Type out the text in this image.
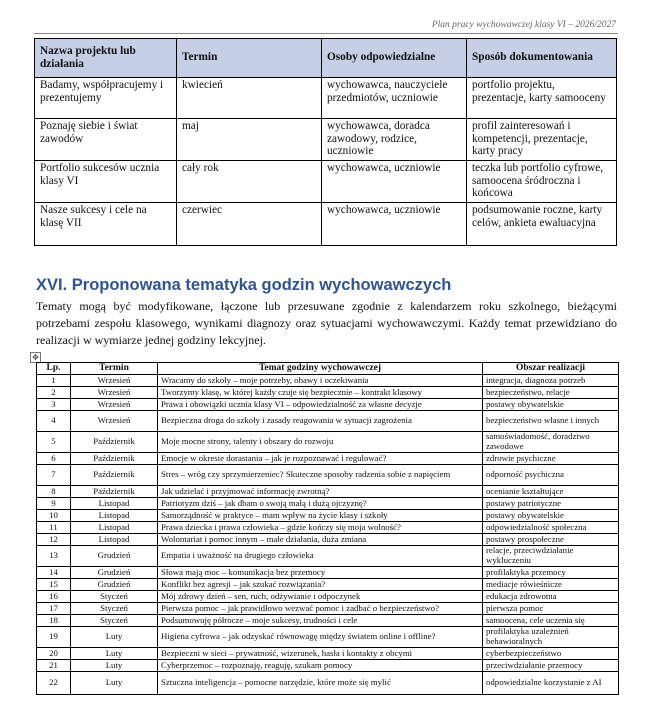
Plan pracy wychowawczej klasy VI – 2026/2027
Nazwa projektu lub działania	Termin	Osoby odpowiedzialne	Sposób dokumentowania
Badamy, współpracujemy i prezentujemy	kwiecień	wychowawca, nauczyciele przedmiotów, uczniowie	portfolio projektu, prezentacje, karty samooceny
Poznaję siebie i świat zawodów	maj	wychowawca, doradca zawodowy, rodzice, uczniowie	profil zainteresowań i kompetencji, prezentacje, karty pracy
Portfolio sukcesów ucznia klasy VI	cały rok	wychowawca, uczniowie	teczka lub portfolio cyfrowe, samoocena śródroczna i końcowa
Nasze sukcesy i cele na klasę VII	czerwiec	wychowawca, uczniowie	podsumowanie roczne, karty celów, ankieta ewaluacyjna
XVI. Proponowana tematyka godzin wychowawczych

Tematy mogą być modyfikowane, łączone lub przesuwane zgodnie z kalendarzem roku szkolnego, bieżącymi potrzebami zespołu klasowego, wynikami diagnozy oraz sytuacjami wychowawczymi. Każdy temat przewidziano do realizacji w wymiarze jednej godziny lekcyjnej.

✥
Lp.	Termin	Temat godziny wychowawczej	Obszar realizacji
1	Wrzesień	Wracamy do szkoły – moje potrzeby, obawy i oczekiwania	integracja, diagnoza potrzeb
2	Wrzesień	Tworzymy klasę, w której każdy czuje się bezpiecznie – kontrakt klasowy	bezpieczeństwo, relacje
3	Wrzesień	Prawa i obowiązki ucznia klasy VI – odpowiedzialność za własne decyzje	postawy obywatelskie
4	Wrzesień	Bezpieczna droga do szkoły i zasady reagowania w sytuacji zagrożenia	bezpieczeństwo własne i innych
5	Październik	Moje mocne strony, talenty i obszary do rozwoju	samoświadomość, doradztwo zawodowe
6	Październik	Emocje w okresie dorastania – jak je rozpoznawać i regulować?	zdrowie psychiczne
7	Październik	Stres – wróg czy sprzymierzeniec? Skuteczne sposoby radzenia sobie z napięciem	odporność psychiczna
8	Październik	Jak udzielać i przyjmować informację zwrotną?	ocenianie kształtujące
9	Listopad	Patriotyzm dziś – jak dbam o swoją małą i dużą ojczyznę?	postawy patriotyczne
10	Listopad	Samorządność w praktyce – mam wpływ na życie klasy i szkoły	postawy obywatelskie
11	Listopad	Prawa dziecka i prawa człowieka – gdzie kończy się moja wolność?	odpowiedzialność społeczna
12	Listopad	Wolontariat i pomoc innym – małe działania, duża zmiana	postawy prospołeczne
13	Grudzień	Empatia i uważność na drugiego człowieka	relacje, przeciwdziałanie wykluczeniu
14	Grudzień	Słowa mają moc – komunikacja bez przemocy	profilaktyka przemocy
15	Grudzień	Konflikt bez agresji – jak szukać rozwiązania?	mediacje rówieśnicze
16	Styczeń	Mój zdrowy dzień – sen, ruch, odżywianie i odpoczynek	edukacja zdrowotna
17	Styczeń	Pierwsza pomoc – jak prawidłowo wezwać pomoc i zadbać o bezpieczeństwo?	pierwsza pomoc
18	Styczeń	Podsumowuję półrocze – moje sukcesy, trudności i cele	samoocena, cele uczenia się
19	Luty	Higiena cyfrowa – jak odzyskać równowagę między światem online i offline?	profilaktyka uzależnień behawioralnych
20	Luty	Bezpieczni w sieci – prywatność, wizerunek, hasła i kontakty z obcymi	cyberbezpieczeństwo
21	Luty	Cyberprzemoc – rozpoznaję, reaguję, szukam pomocy	przeciwdziałanie przemocy
22	Luty	Sztuczna inteligencja – pomocne narzędzie, które może się mylić	odpowiedzialne korzystanie z AI
